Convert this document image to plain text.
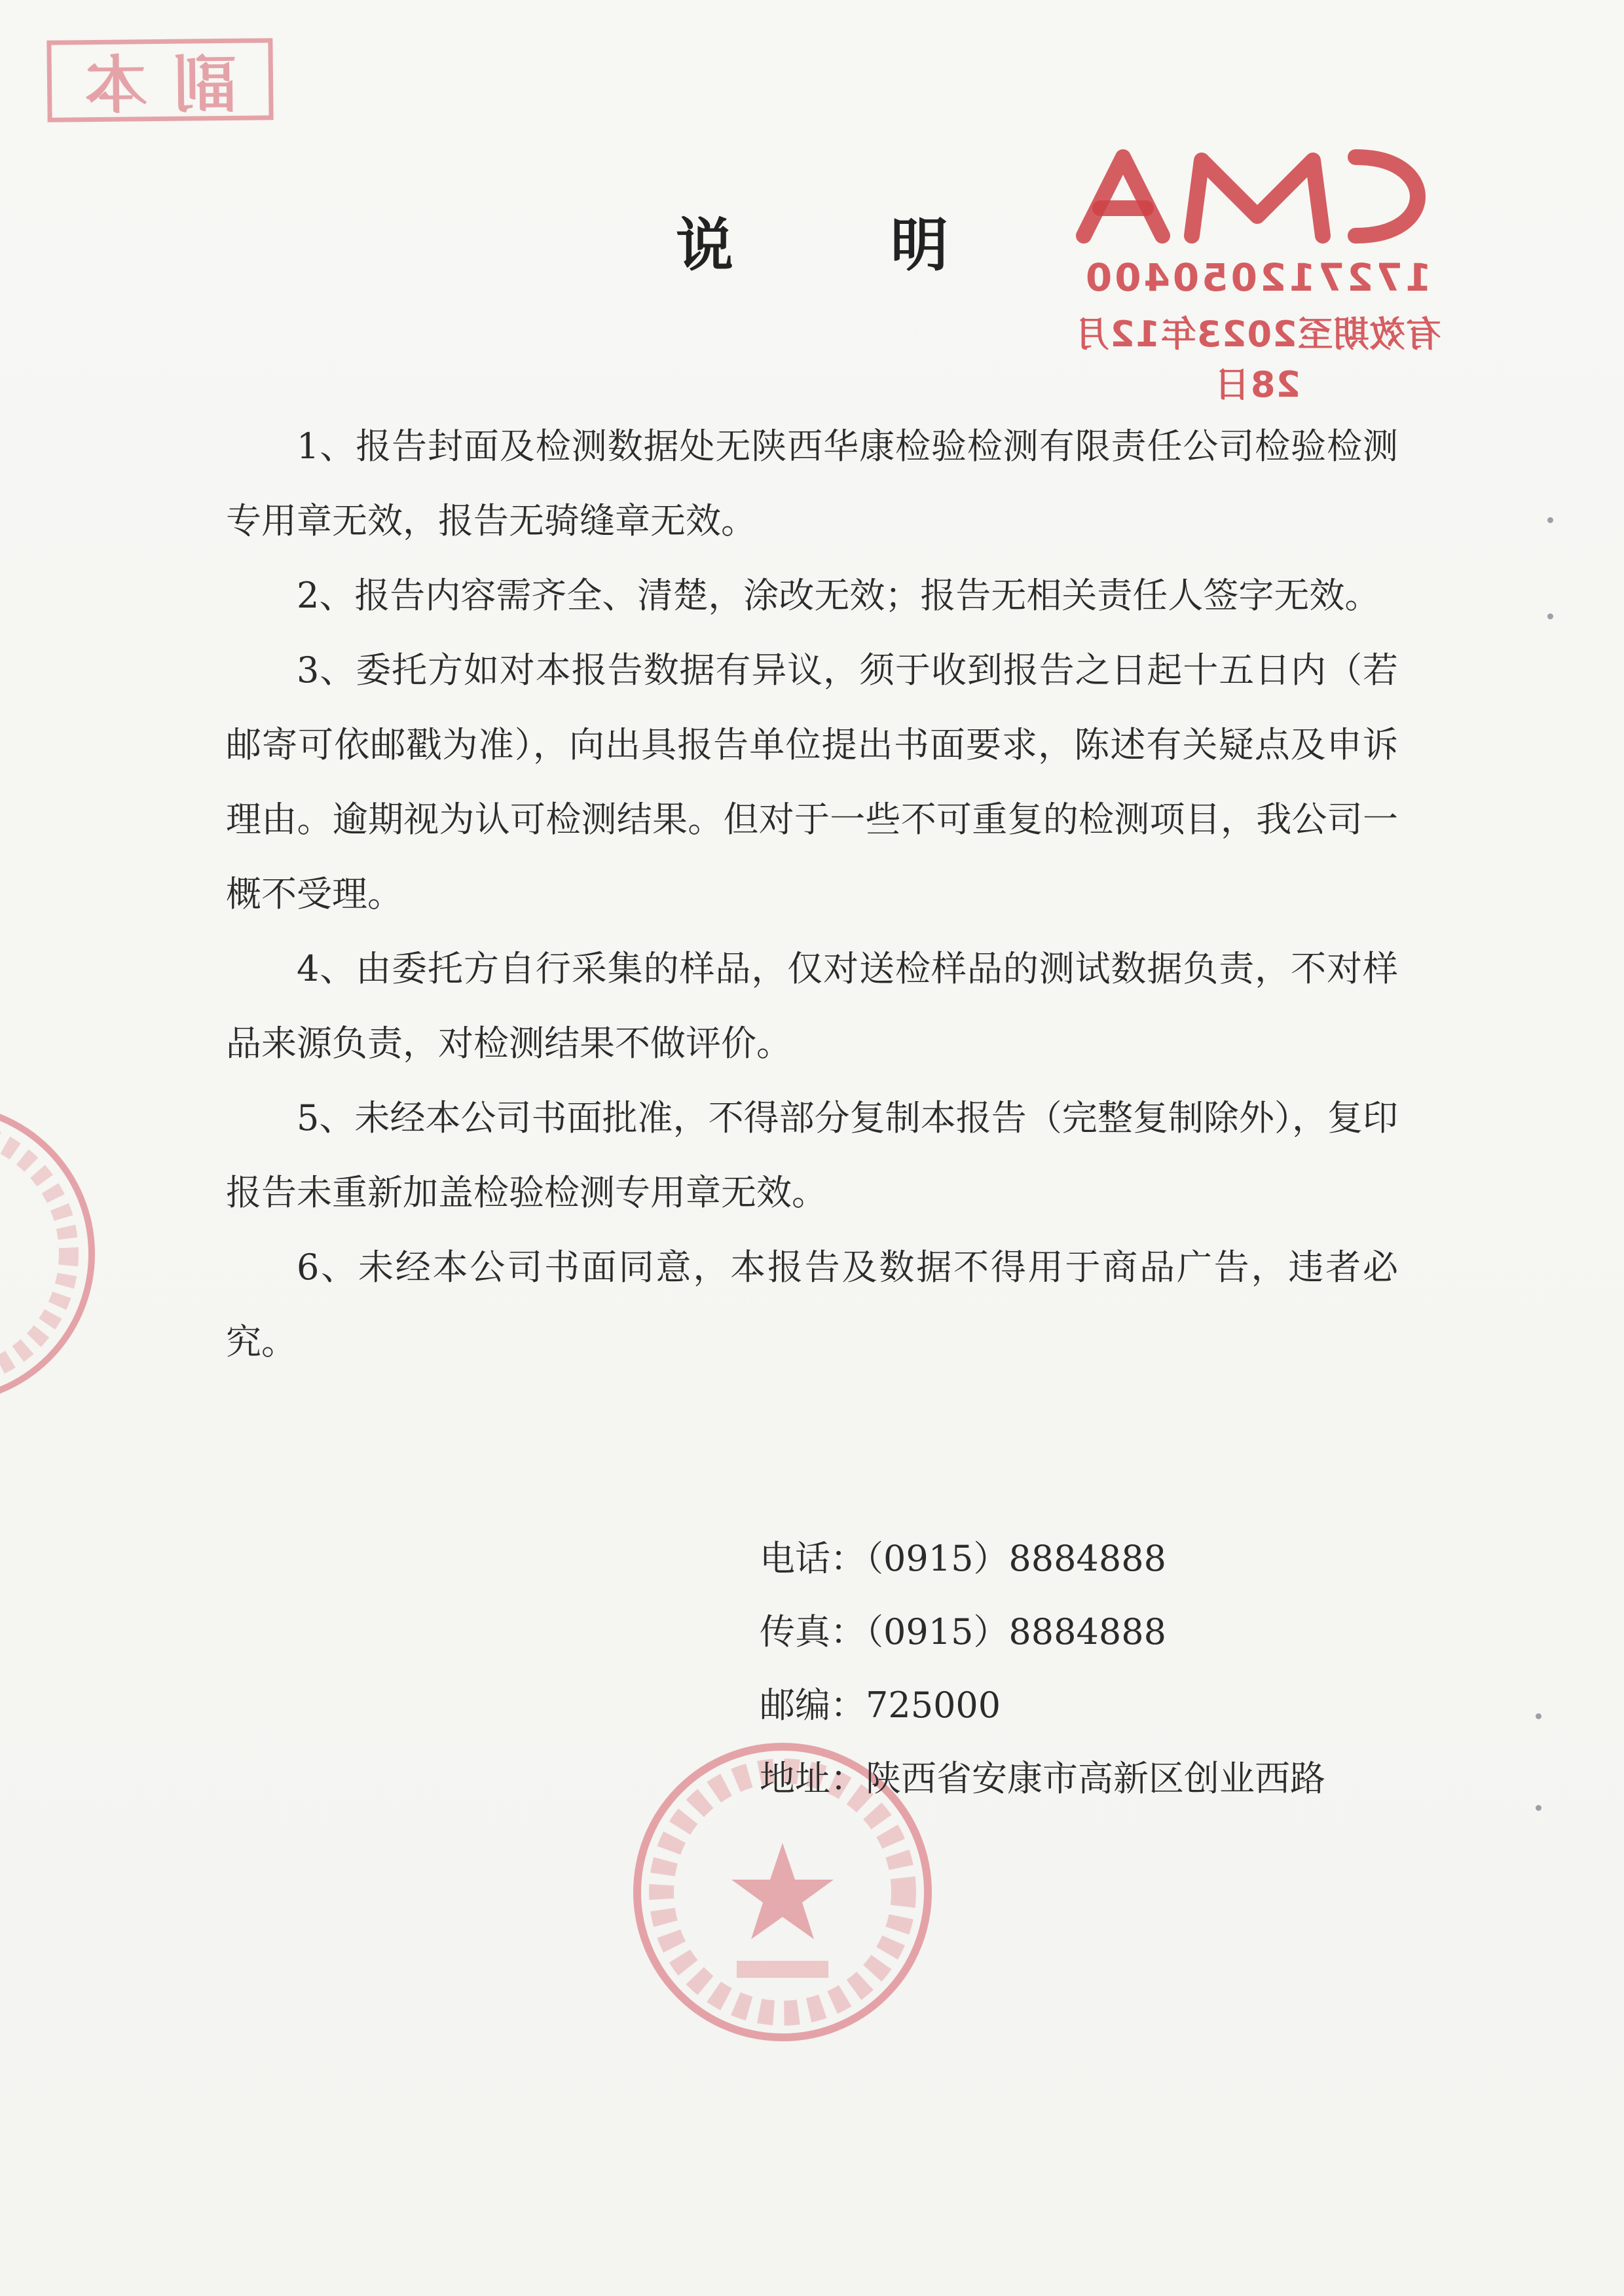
副本
172712050400
有效期至2023年12月28日
说明

1、报告封面及检测数据处无陕西华康检验检测有限责任公司检验检测专用章无效，报告无骑缝章无效。

2、报告内容需齐全、清楚，涂改无效；报告无相关责任人签字无效。

3、委托方如对本报告数据有异议，须于收到报告之日起十五日内（若邮寄可依邮戳为准），向出具报告单位提出书面要求，陈述有关疑点及申诉理由。逾期视为认可检测结果。但对于一些不可重复的检测项目，我公司一概不受理。

4、由委托方自行采集的样品，仅对送检样品的测试数据负责，不对样品来源负责，对检测结果不做评价。

5、未经本公司书面批准，不得部分复制本报告（完整复制除外），复印报告未重新加盖检验检测专用章无效。

6、未经本公司书面同意，本报告及数据不得用于商品广告，违者必究。

电话：（0915）8884888
传真：（0915）8884888
邮编：725000
地址：陕西省安康市高新区创业西路
